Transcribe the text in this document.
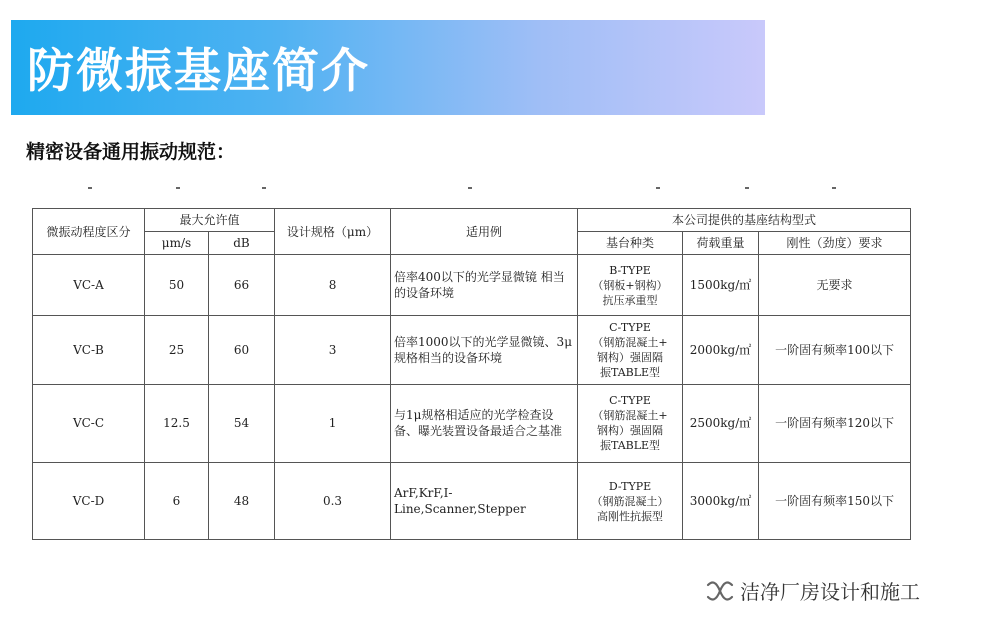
防微振基座简介
精密设备通用振动规范：
微振动程度区分	最大允许值		设计规格（μm）	适用例	本公司提供的基座结构型式		
	μm/s	dB			基台种类	荷载重量	刚性（劲度）要求
VC-A	50	66	8	倍率400以下的光学显微镜 相当的设备环境	B-TYPE
（钢板+钢构）
抗压承重型	1500kg/㎡	无要求
VC-B	25	60	3	倍率1000以下的光学显微镜、3μ规格相当的设备环境	C-TYPE
（钢筋混凝土+
钢构）强固隔
振TABLE型	2000kg/㎡	一阶固有频率100以下
VC-C	12.5	54	1	与1μ规格相适应的光学检查设备、曝光装置设备最适合之基准	C-TYPE
（钢筋混凝土+
钢构）强固隔
振TABLE型	2500kg/㎡	一阶固有频率120以下
VC-D	6	48	0.3	ArF,KrF,I-Line,Scanner,Stepper	D-TYPE
（钢筋混凝土）
高刚性抗振型	3000kg/㎡	一阶固有频率150以下
洁净厂房设计和施工
